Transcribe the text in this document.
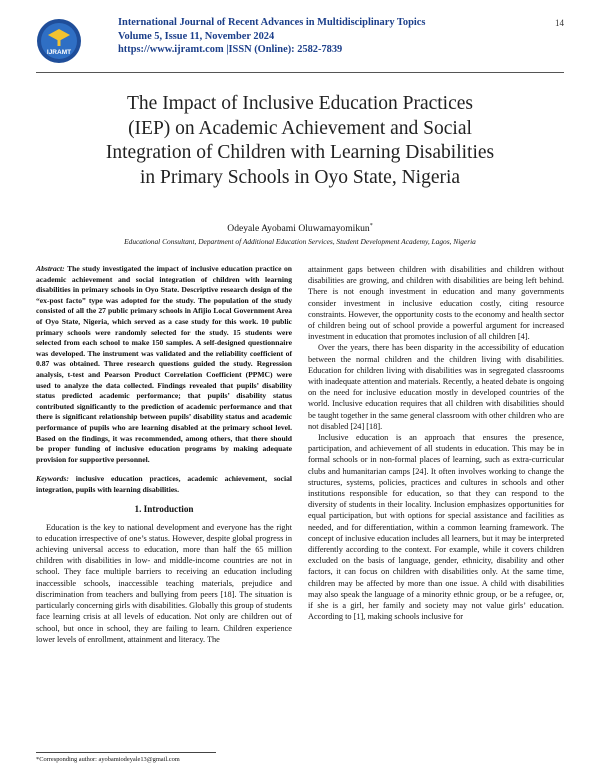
IJRAMT
International Journal of Recent Advances in Multidisciplinary Topics
Volume 5, Issue 11, November 2024
https://www.ijramt.com |ISSN (Online): 2582-7839
14
The Impact of Inclusive Education Practices
(IEP) on Academic Achievement and Social
Integration of Children with Learning Disabilities
in Primary Schools in Oyo State, Nigeria
Odeyale Ayobami Oluwamayomikun*
Educational Consultant, Department of Additional Education Services, Student Development Academy, Lagos, Nigeria
Abstract: The study investigated the impact of inclusive education practice on academic achievement and social integration of children with learning disabilities in primary schools in Oyo State. Descriptive research design of the “ex-post facto” type was adopted for the study. The population of the study consisted of all the 27 public primary schools in Afijio Local Government Area of Oyo State, Nigeria, which served as a case study for this work. 10 public primary schools were randomly selected for the study. 15 students were selected from each school to make 150 samples. A self-designed questionnaire was developed. The instrument was validated and the reliability coefficient of 0.87 was obtained. Three research questions guided the study. Regression analysis, t-test and Pearson Product Correlation Coefficient (PPMC) were used to analyze the data collected. Findings revealed that pupils’ disability status predicted academic performance; that pupils’ disability status contributed significantly to the prediction of academic performance and that there is significant relationship between pupils’ disability status and academic performance of pupils who are learning disabled at the primary school level. Based on the findings, it was recommended, among others, that there should be proper funding of inclusive education programs by making adequate provision for supportive personnel.
Keywords: inclusive education practices, academic achievement, social integration, pupils with learning disabilities.
1. Introduction

Education is the key to national development and everyone has the right to education irrespective of one’s status. However, despite global progress in achieving universal access to education, more than half the 65 million children with disabilities in low- and middle-income countries are not in school. They face multiple barriers to receiving an education including inaccessible schools, inaccessible teaching materials, prejudice and discrimination from teachers and bullying from peers [18]. The situation is particularly concerning girls with disabilities. Globally this group of students face learning crisis at all levels of education. Not only are children out of school, but once in school, they are failing to learn. Children experience lower levels of enrollment, attainment and literacy. The

attainment gaps between children with disabilities and children without disabilities are growing, and children with disabilities are being left behind. There is not enough investment in education and many governments consider investment in inclusive education costly, citing resource constraints. However, the opportunity costs to the economy and health sector of children being out of school provide a powerful argument for increased investment in education that promotes inclusion of all children [4].

Over the years, there has been disparity in the accessibility of education between the normal children and the children living with disabilities. Education for children living with disabilities was in segregated classrooms with inadequate attention and materials. Recently, a heated debate is ongoing on the need for inclusive education mostly in developed countries of the world. Inclusive education requires that all children with disabilities should be taught together in the same general classroom with other children who are not disabled [24] [18].

Inclusive education is an approach that ensures the presence, participation, and achievement of all students in education. This may be in formal schools or in non-formal places of learning, such as extra-curricular clubs and humanitarian camps [24]. It often involves working to change the structures, systems, policies, practices and cultures in schools and other institutions responsible for education, so that they can respond to the diversity of students in their locality. Inclusion emphasizes opportunities for equal participation, but with options for special assistance and facilities as needed, and for differentiation, within a common learning framework. The concept of inclusive education includes all learners, but it may be interpreted differently according to the context. For example, while it covers children excluded on the basis of language, gender, ethnicity, disability and other factors, it can focus on children with disabilities only. At the same time, children may be affected by more than one issue. A child with disabilities may also speak the language of a minority ethnic group, or be a refugee, or, if she is a girl, her family and society may not value girls’ education. According to [1], making schools inclusive for

*Corresponding author: ayobamiodeyale13@gmail.com
